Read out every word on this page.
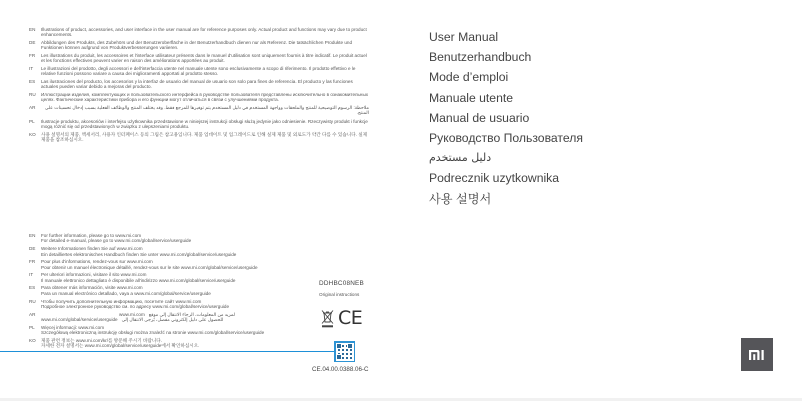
EN	Illustrations of product, accessories, and user interface in the user manual are for reference purposes only. Actual product and functions may vary due to product enhancements.
DE	Abbildungen des Produkts, des Zubehörs und der Benutzeroberfläche in der Benutzerhandbuch dienen nur als Referenz. Die tatsächlichen Produkte und Funktionen können aufgrund von Produktverbesserungen variieren.
FR	Les illustrations du produit, les accessoires et l'interface utilisateur présents dans le manuel d'utilisation sont uniquement fournis à titre indicatif. Le produit actuel et les fonctions effectives peuvent varier en raison des améliorations apportées au produit.
IT	Le illustrazioni del prodotto, degli accessori e dell'interfaccia utente nel manuale utente sono esclusivamente a scopo di riferimento. Il prodotto effettivo e le relative funzioni possono variare a causa dei miglioramenti apportati al prodotto stesso.
ES	Las ilustraciones del producto, los accesorios y la interfaz de usuario del manual de usuario son solo para fines de referencia. El producto y las funciones actuales pueden variar debido a mejoras del producto.
RU	Иллюстрации изделия, комплектующих и пользовательского интерфейса в руководстве пользователя представлены исключительно в ознакомительных целях. Фактические характеристики прибора и его функции могут отличаться в связи с улучшениями продукта.
AR	ملاحظة: الرسوم التوضيحية للمنتج والملحقات وواجهة المستخدم في دليل المستخدم يتم توفيرها للمرجع فقط. وقد يختلف المنتج والوظائف الفعلية بسبب إدخال تحسينات على المنتج.
PL	Ilustracje produktu, akcesoriów i interfejsu użytkownika przedstawione w niniejszej instrukcji obsługi służą jedynie jako odniesienie. Rzeczywisty produkt i funkcje mogą różnić się od przedstawionych w związku z ulepszeniami produktu.
KO	사용 설명서의 제품, 액세서리, 사용자 인터페이스 등의 그림은 참고용입니다. 제품 업데이트 및 업그레이드로 인해 실제 제품 및 외로도가 약간 다를 수 있습니다. 실제 제품을 참조하십시오.
EN	For further information, please go to www.mi.com
For detailed e-manual, please go to www.mi.com/global/service/userguide
DE	Weitere Informationen finden Sie auf www.mi.com
Ein detailliertes elektronisches Handbuch finden Sie unter www.mi.com/global/service/userguide
FR	Pour plus d'informations, rendez-vous sur www.mi.com
Pour obtenir un manuel électronique détaillé, rendez-vous sur le site www.mi.com/global/service/userguide
IT	Per ulteriori informazioni, visitare il sito www.mi.com
Il manuale elettronico dettagliato è disponibile all'indirizzo www.mi.com/global/service/userguide
ES	Para obtener más información, visite www.mi.com
Para un manual electrónico detallado, vaya a www.mi.com/global/service/userguide
RU	Чтобы получить дополнительную информацию, посетите сайт www.mi.com
Подробное электронное руководство см. по адресу www.mi.com/global/service/userguide
AR	www.mi.com لمزيد من المعلومات، الرجاء الانتقال إلى موقع
www.mi.com/global/service/userguide للحصول على دليل إلكتروني مفصل، يُرجى الانتقال إلى
PL	Więcej informacji: www.mi.com
Szczegółową elektroniczną instrukcję obsługi można znaleźć na stronie www.mi.com/global/service/userguide
KO	제품 관련 정보는 www.mi.com/kr/를 방문해 주시기 바랍니다.
자세한 전자 설명서는 www.mi.com/global/service/userguide에서 확인하십시오.
DDHBC08NEB
Original instructions
CE
CE.04.00.0388.06-C
User Manual
Benutzerhandbuch
Mode d’emploi
Manuale utente
Manual de usuario
Руководство Пользователя
دليل مستخدم
Podrecznik uzytkownika
사용 설명서
